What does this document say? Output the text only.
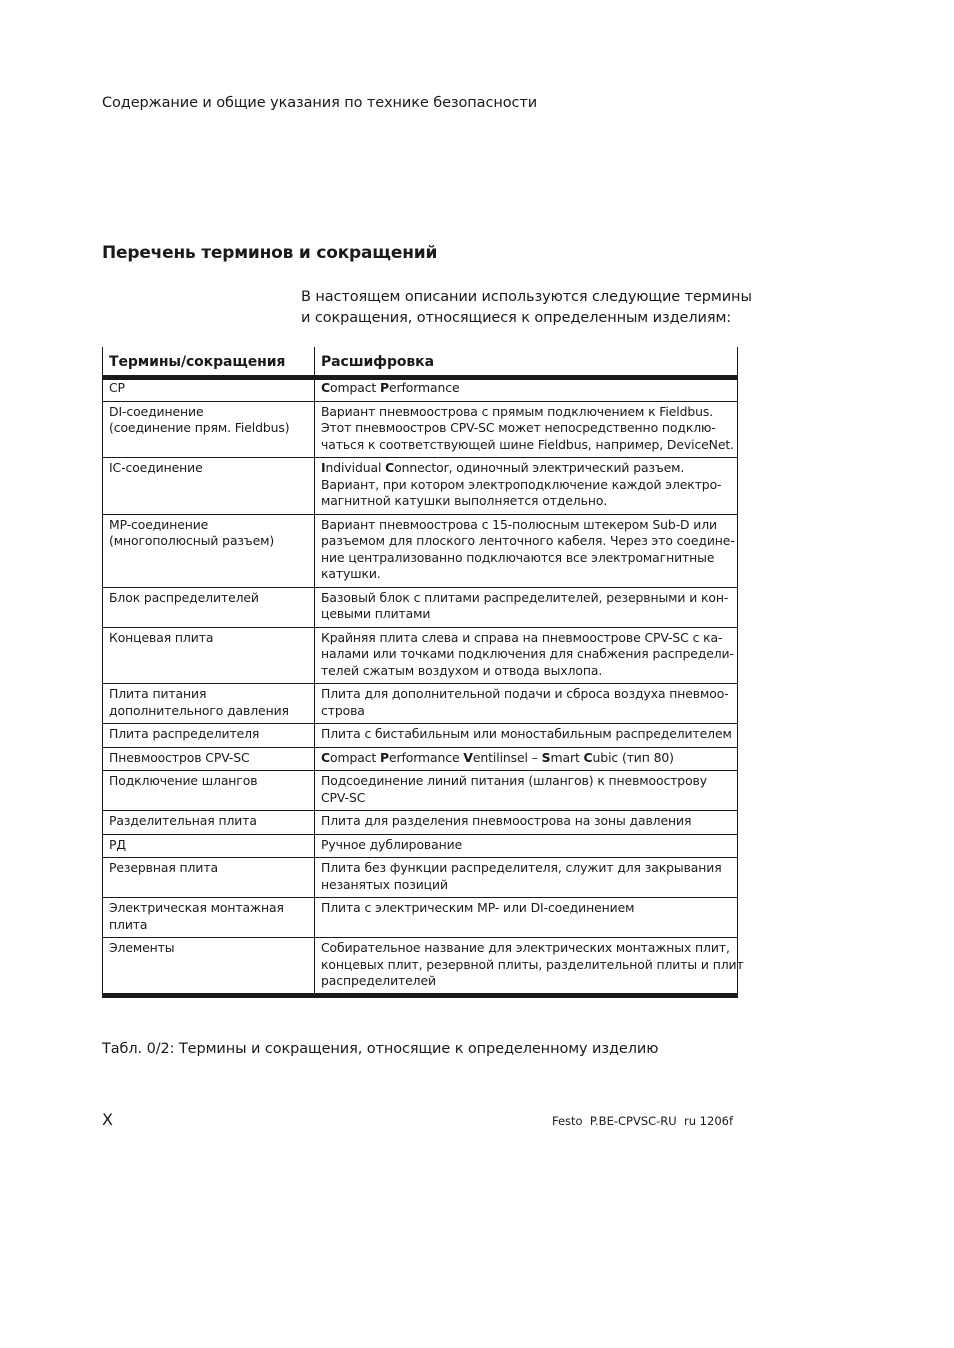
Содержание и общие указания по технике безопасности
Перечень терминов и сокращений
В настоящем описании используются следующие термины
и сокращения, относящиеся к определенным изделиям:
Термины/сокращения	Расшифровка

CP	Compact Performance

DI-соединение
(соединение прям. Fieldbus)	Вариант пневмоострова с прямым подключением к Fieldbus.
Этот пневмоостров CPV-SC может непосредственно подклю-
чаться к соответствующей шине Fieldbus, например, DeviceNet.

IC-соединение	Individual Connector, одиночный электрический разъем.
Вариант, при котором электроподключение каждой электро-
магнитной катушки выполняется отдельно.

MP-соединение
(многополюсный разъем)	Вариант пневмоострова с 15-полюсным штекером Sub-D или
разъемом для плоского ленточного кабеля. Через это соедине-
ние централизованно подключаются все электромагнитные
катушки.

Блок распределителей	Базовый блок с плитами распределителей, резервными и кон-
цевыми плитами

Концевая плита	Крайняя плита слева и справа на пневмоострове CPV-SC с ка-
налами или точками подключения для снабжения распредели-
телей сжатым воздухом и отвода выхлопа.

Плита питания
дополнительного давления	Плита для дополнительной подачи и сброса воздуха пневмоо-
строва

Плита распределителя	Плита с бистабильным или моностабильным распределителем

Пневмоостров CPV-SC	Compact Performance Ventilinsel – Smart Cubic (тип 80)

Подключение шлангов	Подсоединение линий питания (шлангов) к пневмоострову
CPV-SC

Разделительная плита	Плита для разделения пневмоострова на зоны давления

РД	Ручное дублирование

Резервная плита	Плита без функции распределителя, служит для закрывания
незанятых позиций

Электрическая монтажная
плита	Плита с электрическим MP- или DI-соединением

Элементы	Собирательное название для электрических монтажных плит,
концевых плит, резервной плиты, разделительной плиты и плит
распределителей
Табл. 0/2: Термины и сокращения, относящие к определенному изделию
X	Festo  P.BE-CPVSC-RU  ru 1206f
